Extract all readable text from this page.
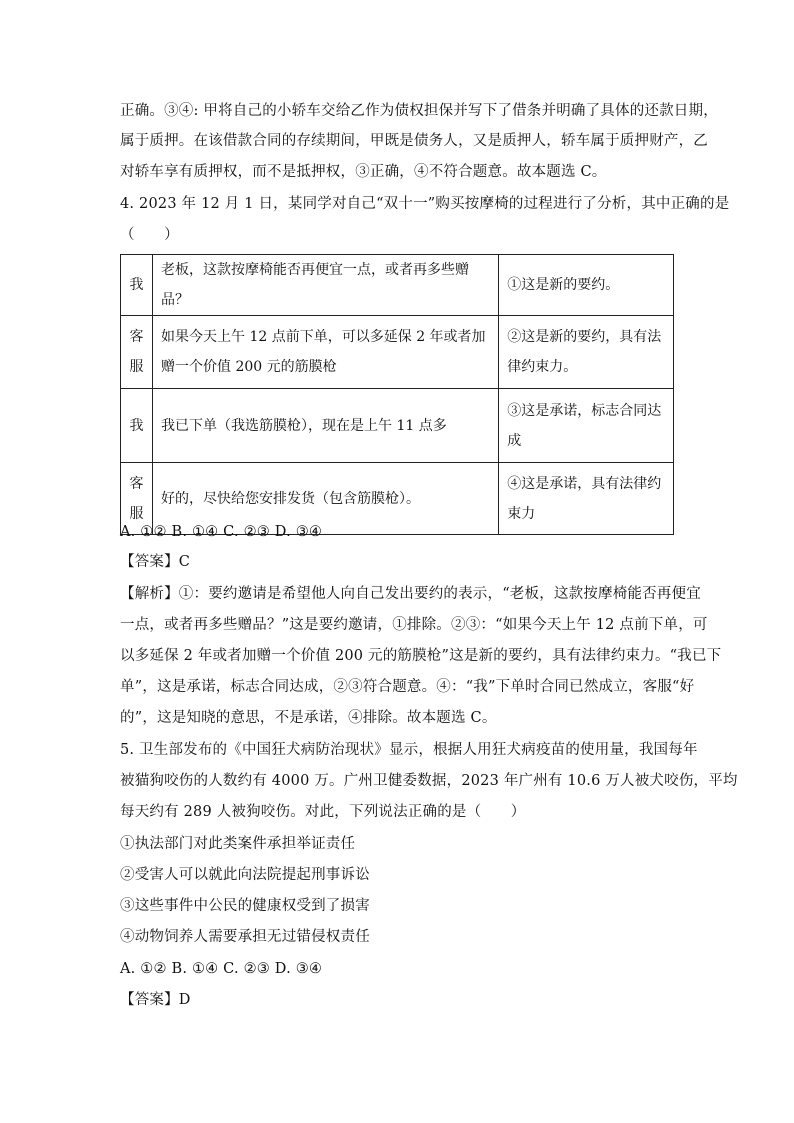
正确。③④: 甲将自己的小轿车交给乙作为债权担保并写下了借条并明确了具体的还款日期，
属于质押。在该借款合同的存续期间，甲既是债务人，又是质押人，轿车属于质押财产，乙
对轿车享有质押权，而不是抵押权，③正确，④不符合题意。故本题选 C。
4. 2023 年 12 月 1 日，某同学对自己“双十一”购买按摩椅的过程进行了分析，其中正确的是
（　　）
我	老板，这款按摩椅能否再便宜一点，或者再多些赠品？	①这是新的要约。
客服	如果今天上午 12 点前下单，可以多延保 2 年或者加赠一个价值 200 元的筋膜枪	②这是新的要约，具有法律约束力。
我	我已下单（我选筋膜枪），现在是上午 11 点多	③这是承诺，标志合同达成
客服	好的，尽快给您安排发货（包含筋膜枪）。	④这是承诺，具有法律约束力
A. ①② B. ①④ C. ②③ D. ③④
【答案】C
【解析】①：要约邀请是希望他人向自己发出要约的表示，“老板，这款按摩椅能否再便宜
一点，或者再多些赠品？”这是要约邀请，①排除。②③：“如果今天上午 12 点前下单，可
以多延保 2 年或者加赠一个价值 200 元的筋膜枪”这是新的要约，具有法律约束力。“我已下
单”，这是承诺，标志合同达成，②③符合题意。④：“我”下单时合同已然成立，客服“好
的”，这是知晓的意思，不是承诺，④排除。故本题选 C。
5. 卫生部发布的《中国狂犬病防治现状》显示，根据人用狂犬病疫苗的使用量，我国每年
被猫狗咬伤的人数约有 4000 万。广州卫健委数据，2023 年广州有 10.6 万人被犬咬伤，平均
每天约有 289 人被狗咬伤。对此，下列说法正确的是（　　）
①执法部门对此类案件承担举证责任
②受害人可以就此向法院提起刑事诉讼
③这些事件中公民的健康权受到了损害
④动物饲养人需要承担无过错侵权责任
A. ①② B. ①④ C. ②③ D. ③④
【答案】D
